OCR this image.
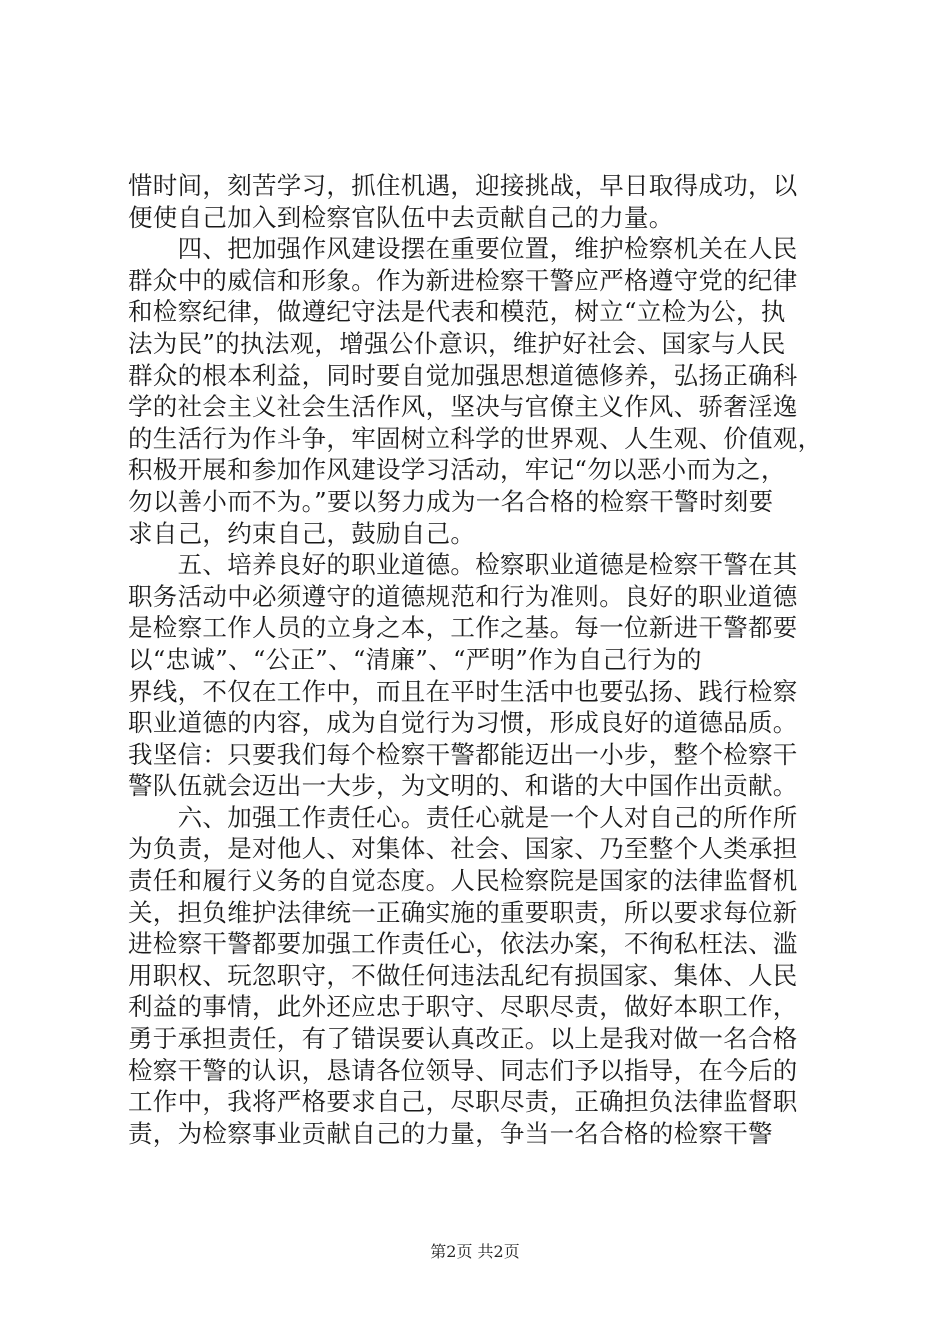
惜时间，刻苦学习，抓住机遇，迎接挑战，早日取得成功，以
便使自己加入到检察官队伍中去贡献自己的力量。
　　四、把加强作风建设摆在重要位置，维护检察机关在人民
群众中的威信和形象。作为新进检察干警应严格遵守党的纪律
和检察纪律，做遵纪守法是代表和模范，树立“立检为公，执
法为民”的执法观，增强公仆意识，维护好社会、国家与人民
群众的根本利益，同时要自觉加强思想道德修养，弘扬正确科
学的社会主义社会生活作风，坚决与官僚主义作风、骄奢淫逸
的生活行为作斗争，牢固树立科学的世界观、人生观、价值观，
积极开展和参加作风建设学习活动，牢记“勿以恶小而为之，
勿以善小而不为。”要以努力成为一名合格的检察干警时刻要
求自己，约束自己，鼓励自己。
　　五、培养良好的职业道德。检察职业道德是检察干警在其
职务活动中必须遵守的道德规范和行为准则。良好的职业道德
是检察工作人员的立身之本，工作之基。每一位新进干警都要
以“忠诚”、“公正”、“清廉”、“严明”作为自己行为的
界线，不仅在工作中，而且在平时生活中也要弘扬、践行检察
职业道德的内容，成为自觉行为习惯，形成良好的道德品质。
我坚信：只要我们每个检察干警都能迈出一小步，整个检察干
警队伍就会迈出一大步，为文明的、和谐的大中国作出贡献。
　　六、加强工作责任心。责任心就是一个人对自己的所作所
为负责，是对他人、对集体、社会、国家、乃至整个人类承担
责任和履行义务的自觉态度。人民检察院是国家的法律监督机
关，担负维护法律统一正确实施的重要职责，所以要求每位新
进检察干警都要加强工作责任心，依法办案，不徇私枉法、滥
用职权、玩忽职守，不做任何违法乱纪有损国家、集体、人民
利益的事情，此外还应忠于职守、尽职尽责，做好本职工作，
勇于承担责任，有了错误要认真改正。以上是我对做一名合格
检察干警的认识，恳请各位领导、同志们予以指导，在今后的
工作中，我将严格要求自己，尽职尽责，正确担负法律监督职
责，为检察事业贡献自己的力量，争当一名合格的检察干警
第2页 共2页
